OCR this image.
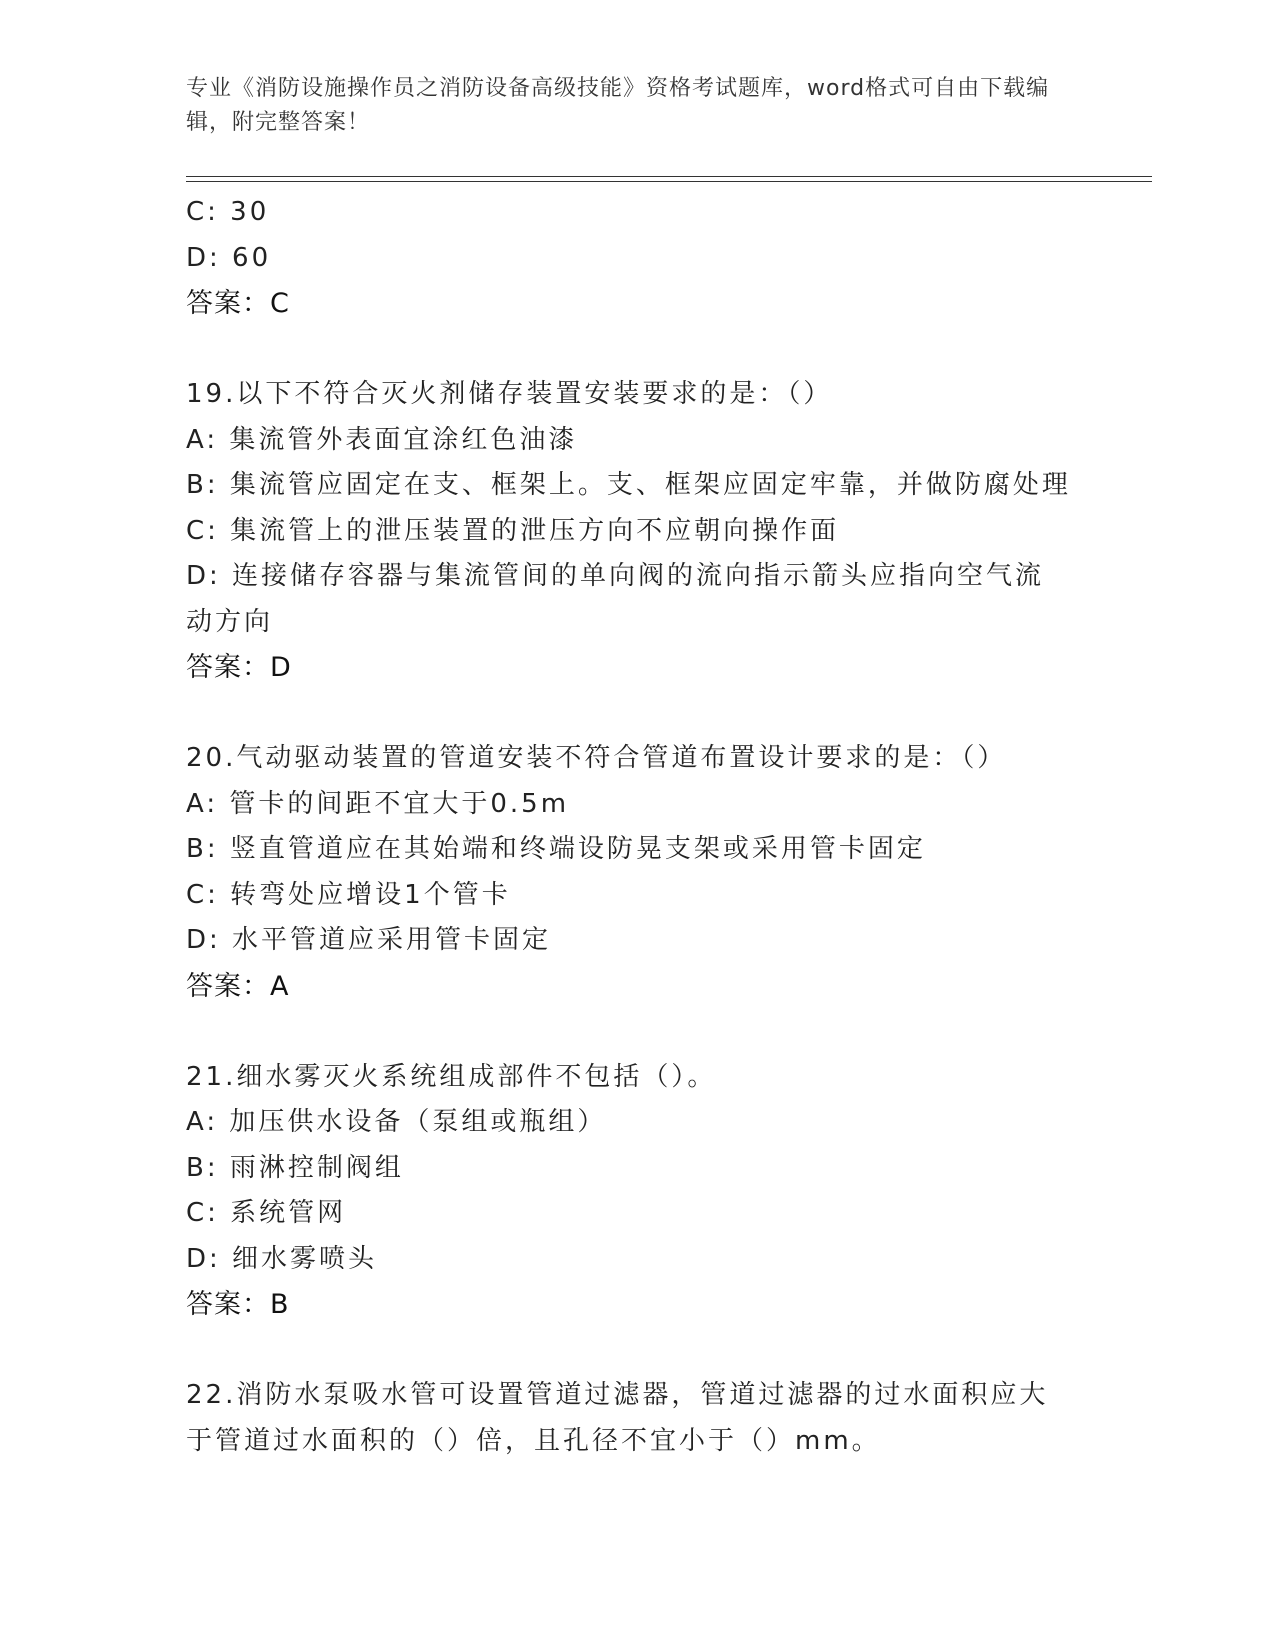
专业《消防设施操作员之消防设备高级技能》资格考试题库，word格式可自由下载编辑，附完整答案！
C: 30
D: 60
答案：C
19.以下不符合灭火剂储存装置安装要求的是：（）
A: 集流管外表面宜涂红色油漆
B: 集流管应固定在支、框架上。支、框架应固定牢靠，并做防腐处理
C: 集流管上的泄压装置的泄压方向不应朝向操作面
D: 连接储存容器与集流管间的单向阀的流向指示箭头应指向空气流动方向
答案：D
20.气动驱动装置的管道安装不符合管道布置设计要求的是：（）
A: 管卡的间距不宜大于0.5m
B: 竖直管道应在其始端和终端设防晃支架或采用管卡固定
C: 转弯处应增设1个管卡
D: 水平管道应采用管卡固定
答案：A
21.细水雾灭火系统组成部件不包括（）。
A: 加压供水设备（泵组或瓶组）
B: 雨淋控制阀组
C: 系统管网
D: 细水雾喷头
答案：B
22.消防水泵吸水管可设置管道过滤器，管道过滤器的过水面积应大于管道过水面积的（）倍，且孔径不宜小于（）mm。
